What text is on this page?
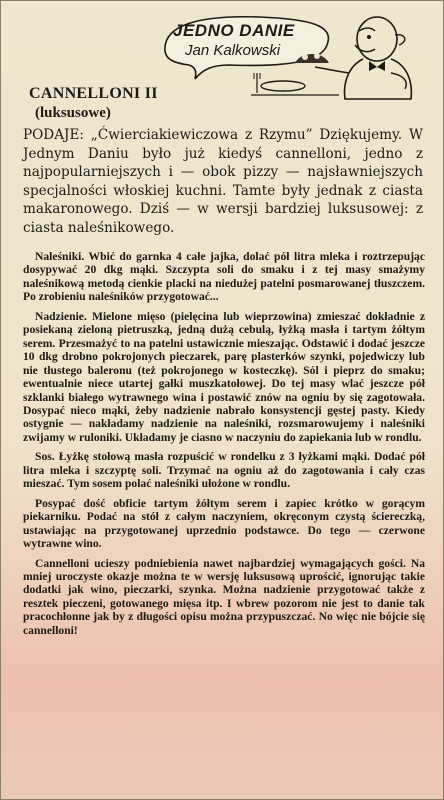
JEDNO DANIE
Jan Kalkowski
CANNELLONI II
(luksusowe)
PODAJE: „Ćwierciakiewiczowa z Rzymu” Dziękujemy. W Jednym Daniu było już kiedyś cannelloni, jedno z najpopularniejszych i — obok pizzy — najsławniejszych specjalności włoskiej kuchni. Tamte były jednak z ciasta makaronowego. Dziś — w wersji bardziej luksusowej: z ciasta naleśnikowego.

Naleśniki. Wbić do garnka 4 całe jajka, dolać pół litra mleka i roztrzepując dosypywać 20 dkg mąki. Szczypta soli do smaku i z tej masy smażymy naleśnikową metodą cienkie placki na niedużej patelni posmarowanej tłuszczem. Po zrobieniu naleśników przygotować...

Nadzienie. Mielone mięso (pielęcina lub wieprzowina) zmieszać dokładnie z posiekaną zieloną pietruszką, jedną dużą cebulą, łyżką masła i tartym żółtym serem. Przesmażyć to na patelni ustawicznie mieszając. Odstawić i dodać jeszcze 10 dkg drobno pokrojonych pieczarek, parę plasterków szynki, pojedwiczy lub nie tłustego baleronu (też pokrojonego w kosteczkę). Sól i pieprz do smaku; ewentualnie niece utartej gałki muszkatołowej. Do tej masy wlać jeszcze pół szklanki białego wytrawnego wina i postawić znów na ogniu by się zagotowała. Dosypać nieco mąki, żeby nadzienie nabrało konsystencji gęstej pasty. Kiedy ostygnie — nakładamy nadzienie na naleśniki, rozsmarowujemy i naleśniki zwijamy w ruloniki. Układamy je ciasno w naczyniu do zapiekania lub w rondlu.

Sos. Łyżkę stołową masła rozpuścić w rondelku z 3 łyżkami mąki. Dodać pół litra mleka i szczyptę soli. Trzymać na ogniu aż do zagotowania i cały czas mieszać. Tym sosem polać naleśniki ułożone w rondlu.

Posypać dość obficie tartym żółtym serem i zapiec krótko w gorącym piekarniku. Podać na stół z całym naczyniem, okręconym czystą ściereczką, ustawiając na przygotowanej uprzednio podstawce. Do tego — czerwone wytrawne wino.

Cannelloni ucieszy podniebienia nawet najbardziej wymagających gości. Na mniej uroczyste okazje można te w wersję luksusową uprościć, ignorując takie dodatki jak wino, pieczarki, szynka. Można nadzienie przygotować także z resztek pieczeni, gotowanego mięsa itp. I wbrew pozorom nie jest to danie tak pracochłonne jak by z długości opisu można przypuszczać. No więc nie bójcie się cannelloni!
